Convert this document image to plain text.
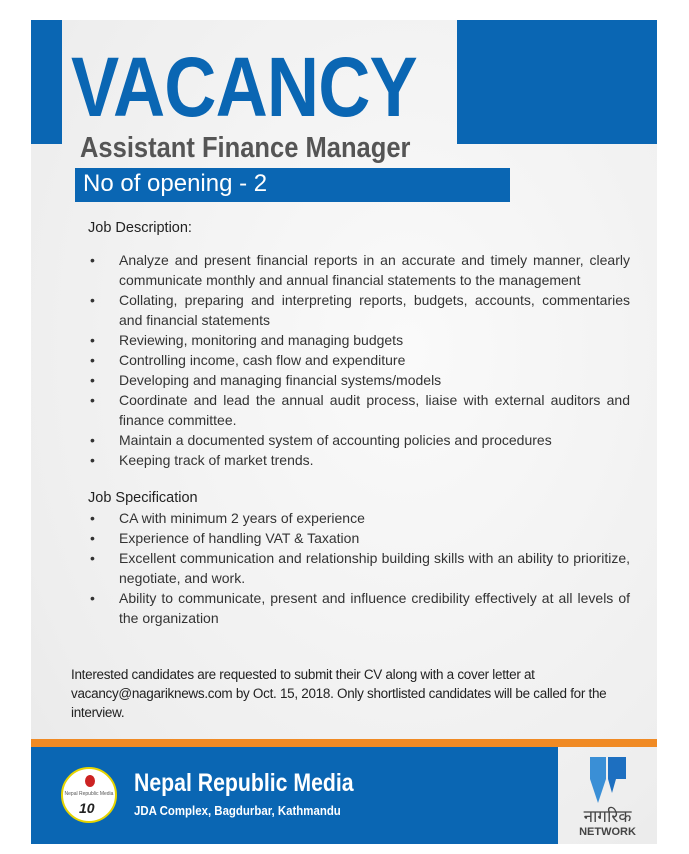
VACANCY
Assistant Finance Manager
No of opening - 2
Job Description:
• Analyze and present financial reports in an accurate and timely manner, clearly communicate monthly and annual financial statements to the management
• Collating, preparing and interpreting reports, budgets, accounts, commentaries and financial statements
• Reviewing, monitoring and managing budgets
• Controlling income, cash flow and expenditure
• Developing and managing financial systems/models
• Coordinate and lead the annual audit process, liaise with external auditors and finance committee.
• Maintain a documented system of accounting policies and procedures
• Keeping track of market trends.
Job Specification
• CA with minimum 2 years of experience
• Experience of handling VAT & Taxation
• Excellent communication and relationship building skills with an ability to prioritize, negotiate, and work.
• Ability to communicate, present and influence credibility effectively at all levels of the organization
Interested candidates are requested to submit their CV along with a cover letter at vacancy@nagariknews.com by Oct. 15, 2018. Only shortlisted candidates will be called for the interview.
Nepal Republic Media
10
Nepal Republic Media
JDA Complex, Bagdurbar, Kathmandu	नागरिक
NETWORK
